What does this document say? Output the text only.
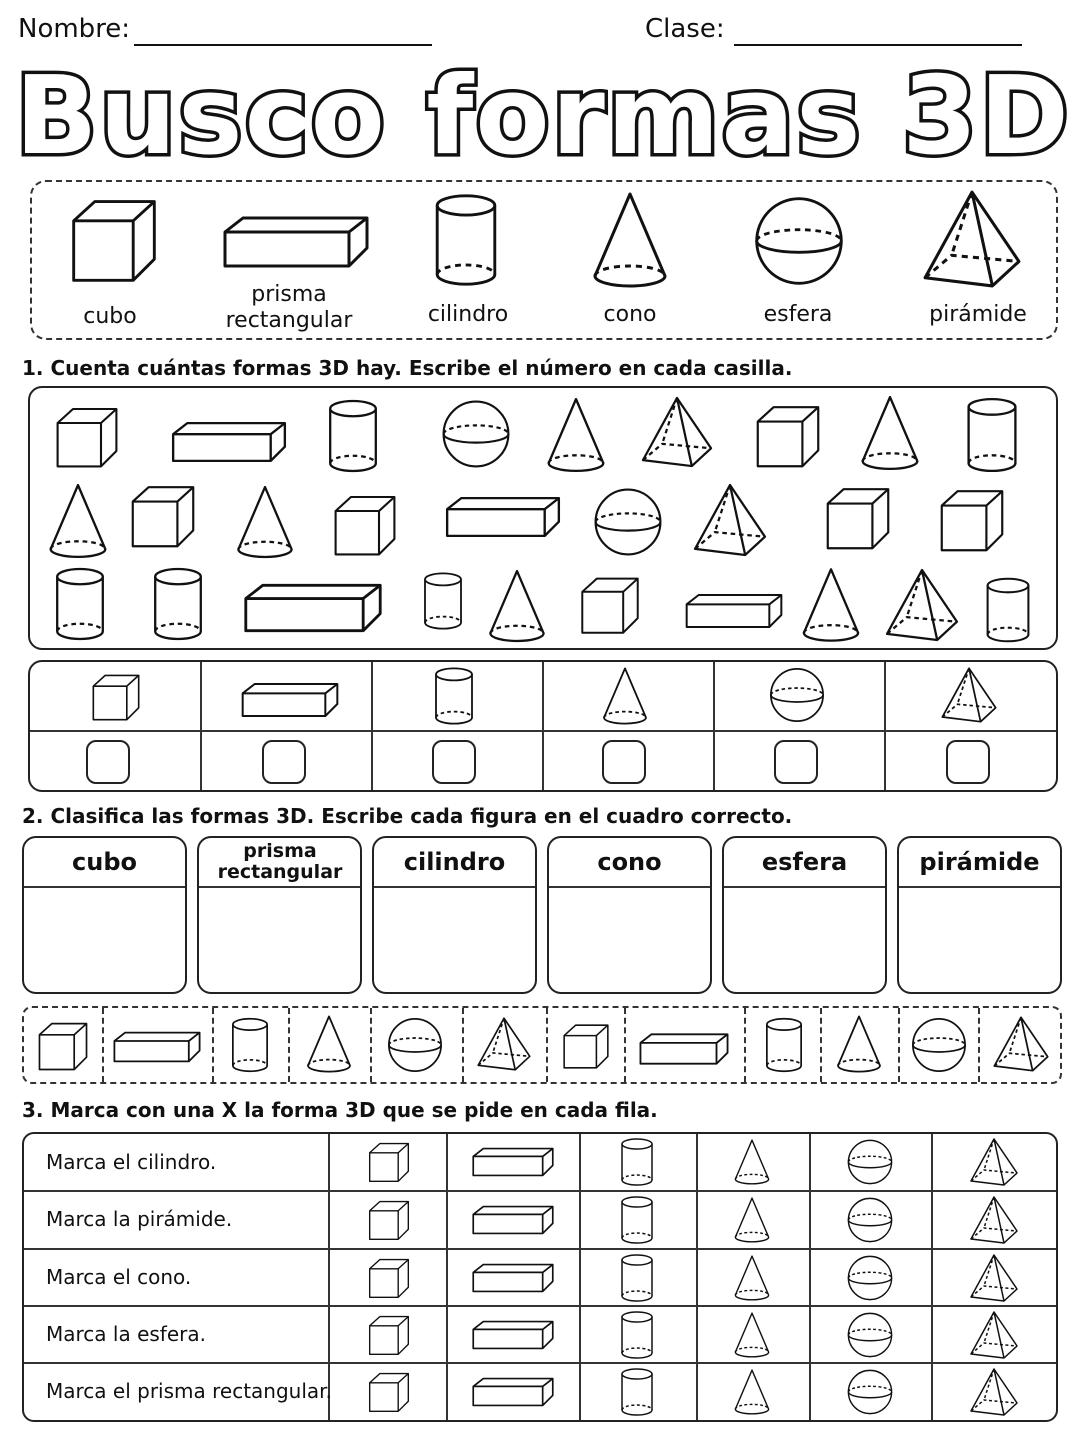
Nombre:	Clase:
Busco formas 3D
cubo
prisma rectangular	cilindro	cono	esfera	pirámide
1. Cuenta cuántas formas 3D hay. Escribe el número en cada casilla.
2. Clasifica las formas 3D. Escribe cada figura en el cuadro correcto.
cubo	prisma rectangular	cilindro	cono	esfera	pirámide
3. Marca con una X la forma 3D que se pide en cada fila.
Marca el cilindro.
Marca la pirámide.
Marca el cono.
Marca la esfera.
Marca el prisma rectangular.
